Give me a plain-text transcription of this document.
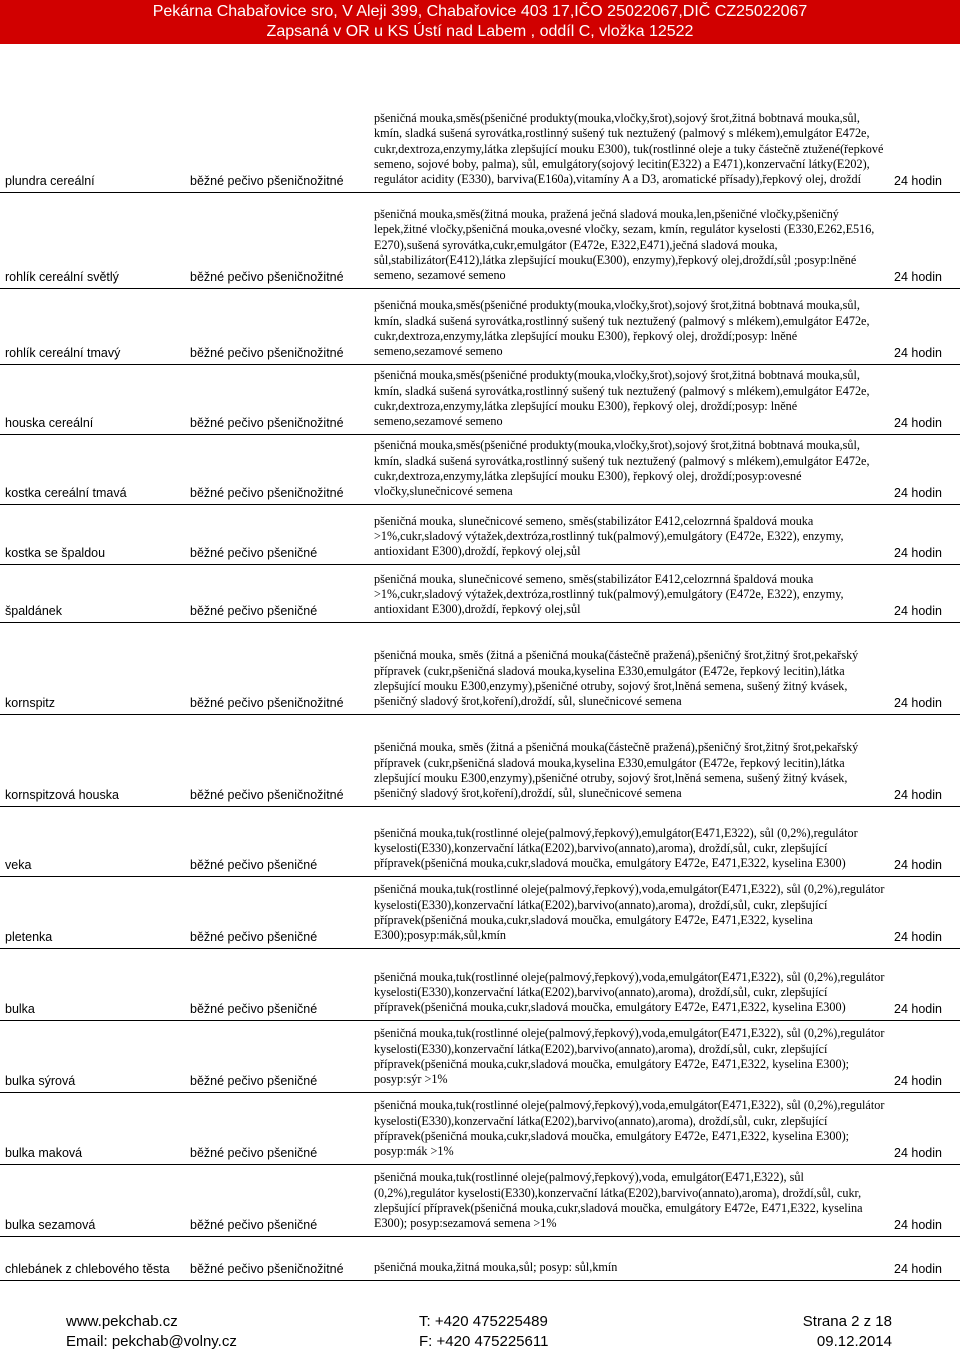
Pekárna Chabařovice sro, V Aleji 399, Chabařovice 403 17,IČO 25022067,DIČ CZ25022067
Zapsaná v OR u KS Ústí nad Labem , oddíl C, vložka 12522
plundra cereální	běžné pečivo pšeničnožitné	pšeničná mouka,směs(pšeničné produkty(mouka,vločky,šrot),sojový šrot,žitná bobtnavá mouka,sůl, kmín, sladká sušená syrovátka,rostlinný sušený tuk neztužený (palmový s mlékem),emulgátor E472e, cukr,dextroza,enzymy,látka zlepšující mouku E300), tuk(rostlinné oleje a tuky částečně ztužené(řepkové semeno, sojové boby, palma), sůl, emulgátory(sojový lecitin(E322) a E471),konzervační látky(E202), regulátor acidity (E330), barviva(E160a),vitamíny A a D3, aromatické přísady),řepkový olej, droždí	24 hodin
rohlík cereální světlý	běžné pečivo pšeničnožitné	pšeničná mouka,směs(žitná mouka, pražená ječná sladová mouka,len,pšeničné vločky,pšeničný lepek,žitné vločky,pšeničná mouka,ovesné vločky, sezam, kmín, regulátor kyselosti (E330,E262,E516, E270),sušená syrovátka,cukr,emulgátor (E472e, E322,E471),ječná sladová mouka, sůl,stabilizátor(E412),látka zlepšující mouku(E300), enzymy),řepkový olej,droždí,sůl ;posyp:lněné semeno, sezamové semeno	24 hodin
rohlík cereální tmavý	běžné pečivo pšeničnožitné	pšeničná mouka,směs(pšeničné produkty(mouka,vločky,šrot),sojový šrot,žitná bobtnavá mouka,sůl, kmín, sladká sušená syrovátka,rostlinný sušený tuk neztužený (palmový s mlékem),emulgátor E472e, cukr,dextroza,enzymy,látka zlepšující mouku E300), řepkový olej, droždí;posyp: lněné semeno,sezamové semeno	24 hodin
houska cereální	běžné pečivo pšeničnožitné	pšeničná mouka,směs(pšeničné produkty(mouka,vločky,šrot),sojový šrot,žitná bobtnavá mouka,sůl, kmín, sladká sušená syrovátka,rostlinný sušený tuk neztužený (palmový s mlékem),emulgátor E472e, cukr,dextroza,enzymy,látka zlepšující mouku E300), řepkový olej, droždí;posyp: lněné semeno,sezamové semeno	24 hodin
kostka cereální tmavá	běžné pečivo pšeničnožitné	pšeničná mouka,směs(pšeničné produkty(mouka,vločky,šrot),sojový šrot,žitná bobtnavá mouka,sůl, kmín, sladká sušená syrovátka,rostlinný sušený tuk neztužený (palmový s mlékem),emulgátor E472e, cukr,dextroza,enzymy,látka zlepšující mouku E300), řepkový olej, droždí;posyp:ovesné vločky,slunečnicové semena	24 hodin
kostka se špaldou	běžné pečivo pšeničné	pšeničná mouka, slunečnicové semeno, směs(stabilizátor E412,celozrnná špaldová mouka >1%,cukr,sladový výtažek,dextróza,rostlinný tuk(palmový),emulgátory (E472e, E322), enzymy, antioxidant E300),droždí, řepkový olej,sůl	24 hodin
špaldánek	běžné pečivo pšeničné	pšeničná mouka, slunečnicové semeno, směs(stabilizátor E412,celozrnná špaldová mouka >1%,cukr,sladový výtažek,dextróza,rostlinný tuk(palmový),emulgátory (E472e, E322), enzymy, antioxidant E300),droždí, řepkový olej,sůl	24 hodin
kornspitz	běžné pečivo pšeničnožitné	pšeničná mouka, směs (žitná a pšeničná mouka(částečně pražená),pšeničný šrot,žitný šrot,pekařský přípravek (cukr,pšeničná sladová mouka,kyselina E330,emulgátor (E472e, řepkový lecitin),látka zlepšující mouku E300,enzymy),pšeničné otruby, sojový šrot,lněná semena, sušený žitný kvásek, pšeničný sladový šrot,koření),droždí, sůl, slunečnicové semena	24 hodin
kornspitzová houska	běžné pečivo pšeničnožitné	pšeničná mouka, směs (žitná a pšeničná mouka(částečně pražená),pšeničný šrot,žitný šrot,pekařský přípravek (cukr,pšeničná sladová mouka,kyselina E330,emulgátor (E472e, řepkový lecitin),látka zlepšující mouku E300,enzymy),pšeničné otruby, sojový šrot,lněná semena, sušený žitný kvásek, pšeničný sladový šrot,koření),droždí, sůl, slunečnicové semena	24 hodin
veka	běžné pečivo pšeničné	pšeničná mouka,tuk(rostlinné oleje(palmový,řepkový),emulgátor(E471,E322), sůl (0,2%),regulátor kyselosti(E330),konzervační látka(E202),barvivo(annato),aroma), droždí,sůl, cukr, zlepšující přípravek(pšeničná mouka,cukr,sladová moučka, emulgátory E472e, E471,E322, kyselina E300)	24 hodin
pletenka	běžné pečivo pšeničné	pšeničná mouka,tuk(rostlinné oleje(palmový,řepkový),voda,emulgátor(E471,E322), sůl (0,2%),regulátor kyselosti(E330),konzervační látka(E202),barvivo(annato),aroma), droždí,sůl, cukr, zlepšující přípravek(pšeničná mouka,cukr,sladová moučka, emulgátory E472e, E471,E322, kyselina E300);posyp:mák,sůl,kmín	24 hodin
bulka	běžné pečivo pšeničné	pšeničná mouka,tuk(rostlinné oleje(palmový,řepkový),voda,emulgátor(E471,E322), sůl (0,2%),regulátor kyselosti(E330),konzervační látka(E202),barvivo(annato),aroma), droždí,sůl, cukr, zlepšující přípravek(pšeničná mouka,cukr,sladová moučka, emulgátory E472e, E471,E322, kyselina E300)	24 hodin
bulka sýrová	běžné pečivo pšeničné	pšeničná mouka,tuk(rostlinné oleje(palmový,řepkový),voda,emulgátor(E471,E322), sůl (0,2%),regulátor kyselosti(E330),konzervační látka(E202),barvivo(annato),aroma), droždí,sůl, cukr, zlepšující přípravek(pšeničná mouka,cukr,sladová moučka, emulgátory E472e, E471,E322, kyselina E300); posyp:sýr >1%	24 hodin
bulka maková	běžné pečivo pšeničné	pšeničná mouka,tuk(rostlinné oleje(palmový,řepkový),voda,emulgátor(E471,E322), sůl (0,2%),regulátor kyselosti(E330),konzervační látka(E202),barvivo(annato),aroma), droždí,sůl, cukr, zlepšující přípravek(pšeničná mouka,cukr,sladová moučka, emulgátory E472e, E471,E322, kyselina E300); posyp:mák >1%	24 hodin
bulka sezamová	běžné pečivo pšeničné	pšeničná mouka,tuk(rostlinné oleje(palmový,řepkový),voda, emulgátor(E471,E322), sůl (0,2%),regulátor kyselosti(E330),konzervační látka(E202),barvivo(annato),aroma), droždí,sůl, cukr, zlepšující přípravek(pšeničná mouka,cukr,sladová moučka, emulgátory E472e, E471,E322, kyselina E300); posyp:sezamová semena >1%	24 hodin
chlebánek z chlebového těsta	běžné pečivo pšeničnožitné	pšeničná mouka,žitná mouka,sůl; posyp: sůl,kmín	24 hodin
www.pekchab.cz
Email: pekchab@volny.cz
T: +420 475225489
F: +420 475225611
Strana 2 z 18
09.12.2014
